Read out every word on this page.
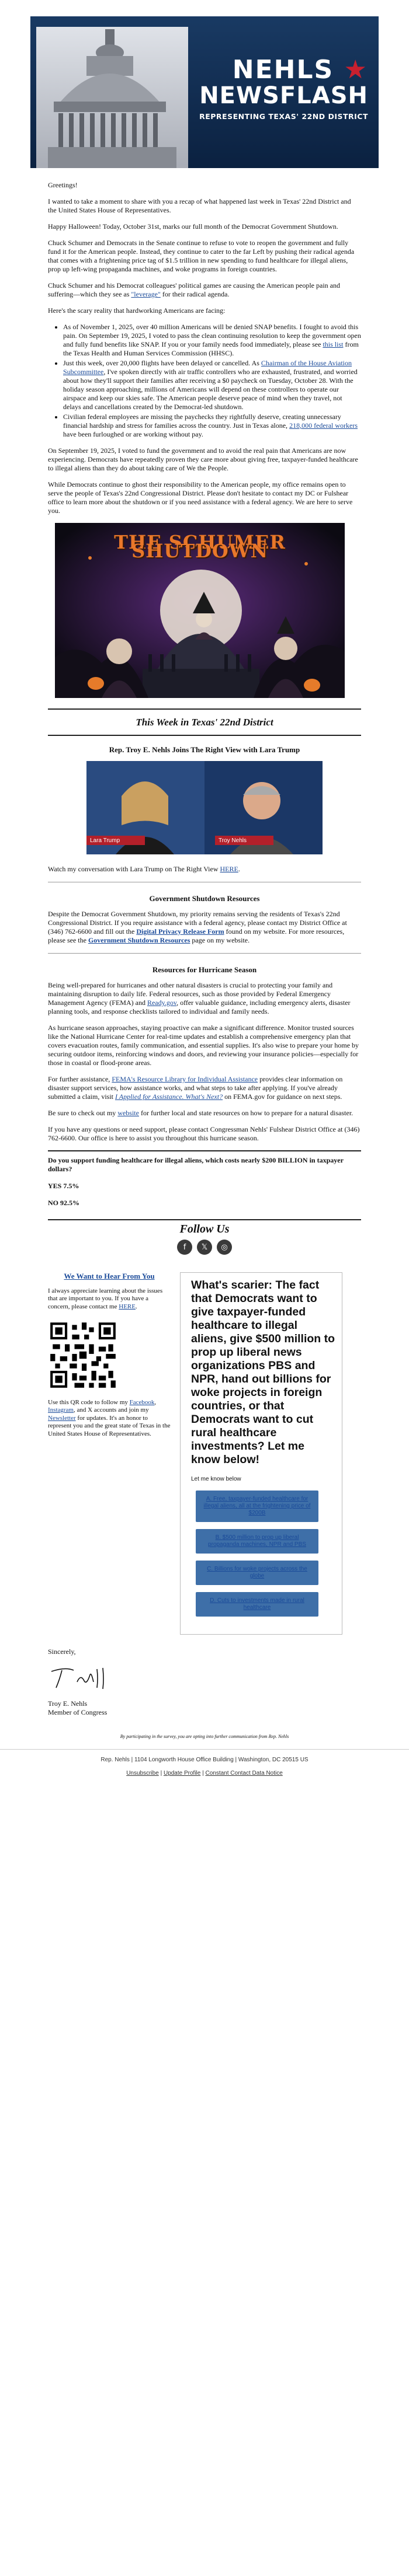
NEHLS ★
NEWSFLASH
REPRESENTING TEXAS' 22ND DISTRICT

Greetings!

I wanted to take a moment to share with you a recap of what happened last week in Texas' 22nd District and the United States House of Representatives.

Happy Halloween! Today, October 31st, marks our full month of the Democrat Government Shutdown.

Chuck Schumer and Democrats in the Senate continue to refuse to vote to reopen the government and fully fund it for the American people. Instead, they continue to cater to the far Left by pushing their radical agenda that comes with a frightening price tag of $1.5 trillion in new spending to fund healthcare for illegal aliens, prop up left-wing propaganda machines, and woke programs in foreign countries.

Chuck Schumer and his Democrat colleagues' political games are causing the American people pain and suffering—which they see as "leverage" for their radical agenda.

Here's the scary reality that hardworking Americans are facing:

• As of November 1, 2025, over 40 million Americans will be denied SNAP benefits. I fought to avoid this pain. On September 19, 2025, I voted to pass the clean continuing resolution to keep the government open and fully fund benefits like SNAP. If you or your family needs food immediately, please see this list from the Texas Health and Human Services Commission (HHSC).
• Just this week, over 20,000 flights have been delayed or cancelled. As Chairman of the House Aviation Subcommittee, I've spoken directly with air traffic controllers who are exhausted, frustrated, and worried about how they'll support their families after receiving a $0 paycheck on Tuesday, October 28. With the holiday season approaching, millions of Americans will depend on these controllers to operate our airspace and keep our skies safe. The American people deserve peace of mind when they travel, not delays and cancellations created by the Democrat-led shutdown.
• Civilian federal employees are missing the paychecks they rightfully deserve, creating unnecessary financial hardship and stress for families across the country. Just in Texas alone, 218,000 federal workers have been furloughed or are working without pay.

On September 19, 2025, I voted to fund the government and to avoid the real pain that Americans are now experiencing. Democrats have repeatedly proven they care more about giving free, taxpayer-funded healthcare to illegal aliens than they do about taking care of We the People.

While Democrats continue to ghost their responsibility to the American people, my office remains open to serve the people of Texas's 22nd Congressional District. Please don't hesitate to contact my DC or Fulshear office to learn more about the shutdown or if you need assistance with a federal agency. We are here to serve you.

THE SCHUMER SHUTDOWN
This Week in Texas' 22nd District
Rep. Troy E. Nehls Joins The Right View with Lara Trump
Lara Trump	Troy Nehls

Watch my conversation with Lara Trump on The Right View HERE.

Government Shutdown Resources

Despite the Democrat Government Shutdown, my priority remains serving the residents of Texas's 22nd Congressional District. If you require assistance with a federal agency, please contact my District Office at (346) 762-6600 and fill out the Digital Privacy Release Form found on my website. For more resources, please see the Government Shutdown Resources page on my website.

Resources for Hurricane Season

Being well-prepared for hurricanes and other natural disasters is crucial to protecting your family and maintaining disruption to daily life. Federal resources, such as those provided by Federal Emergency Management Agency (FEMA) and Ready.gov, offer valuable guidance, including emergency alerts, disaster planning tools, and response checklists tailored to individual and family needs.

As hurricane season approaches, staying proactive can make a significant difference. Monitor trusted sources like the National Hurricane Center for real-time updates and establish a comprehensive emergency plan that covers evacuation routes, family communication, and essential supplies. It's also wise to prepare your home by securing outdoor items, reinforcing windows and doors, and reviewing your insurance policies—especially for those in coastal or flood-prone areas.

For further assistance, FEMA's Resource Library for Individual Assistance provides clear information on disaster support services, how assistance works, and what steps to take after applying. If you've already submitted a claim, visit I Applied for Assistance. What's Next? on FEMA.gov for guidance on next steps.

Be sure to check out my website for further local and state resources on how to prepare for a natural disaster.

If you have any questions or need support, please contact Congressman Nehls' Fulshear District Office at (346) 762-6600. Our office is here to assist you throughout this hurricane season.

Do you support funding healthcare for illegal aliens, which costs nearly $200 BILLION in taxpayer dollars?

YES 7.5%

NO 92.5%

Follow Us
f	𝕏	◎
We Want to Hear From You

I always appreciate learning about the issues that are important to you. If you have a concern, please contact me HERE.

Use this QR code to follow my Facebook, Instagram, and X accounts and join my Newsletter for updates. It's an honor to represent you and the great state of Texas in the United States House of Representatives.

What's scarier: The fact that Democrats want to give taxpayer-funded healthcare to illegal aliens, give $500 million to prop up liberal news organizations PBS and NPR, hand out billions for woke projects in foreign countries, or that Democrats want to cut rural healthcare investments? Let me know below!
Let me know below
A. Free, taxpayer-funded healthcare for illegal aliens, all at the frightening price of $200B
B. $500 million to prop up liberal propaganda machines, NPR and PBS
C. Billions for woke projects across the globe
D. Cuts to investments made in rural healthcare

Sincerely,

Troy E. Nehls

Member of Congress

By participating in the survey, you are opting into further communication from Rep. Nehls
Rep. Nehls | 1104 Longworth House Office Building | Washington, DC 20515 US
Unsubscribe | Update Profile | Constant Contact Data Notice
